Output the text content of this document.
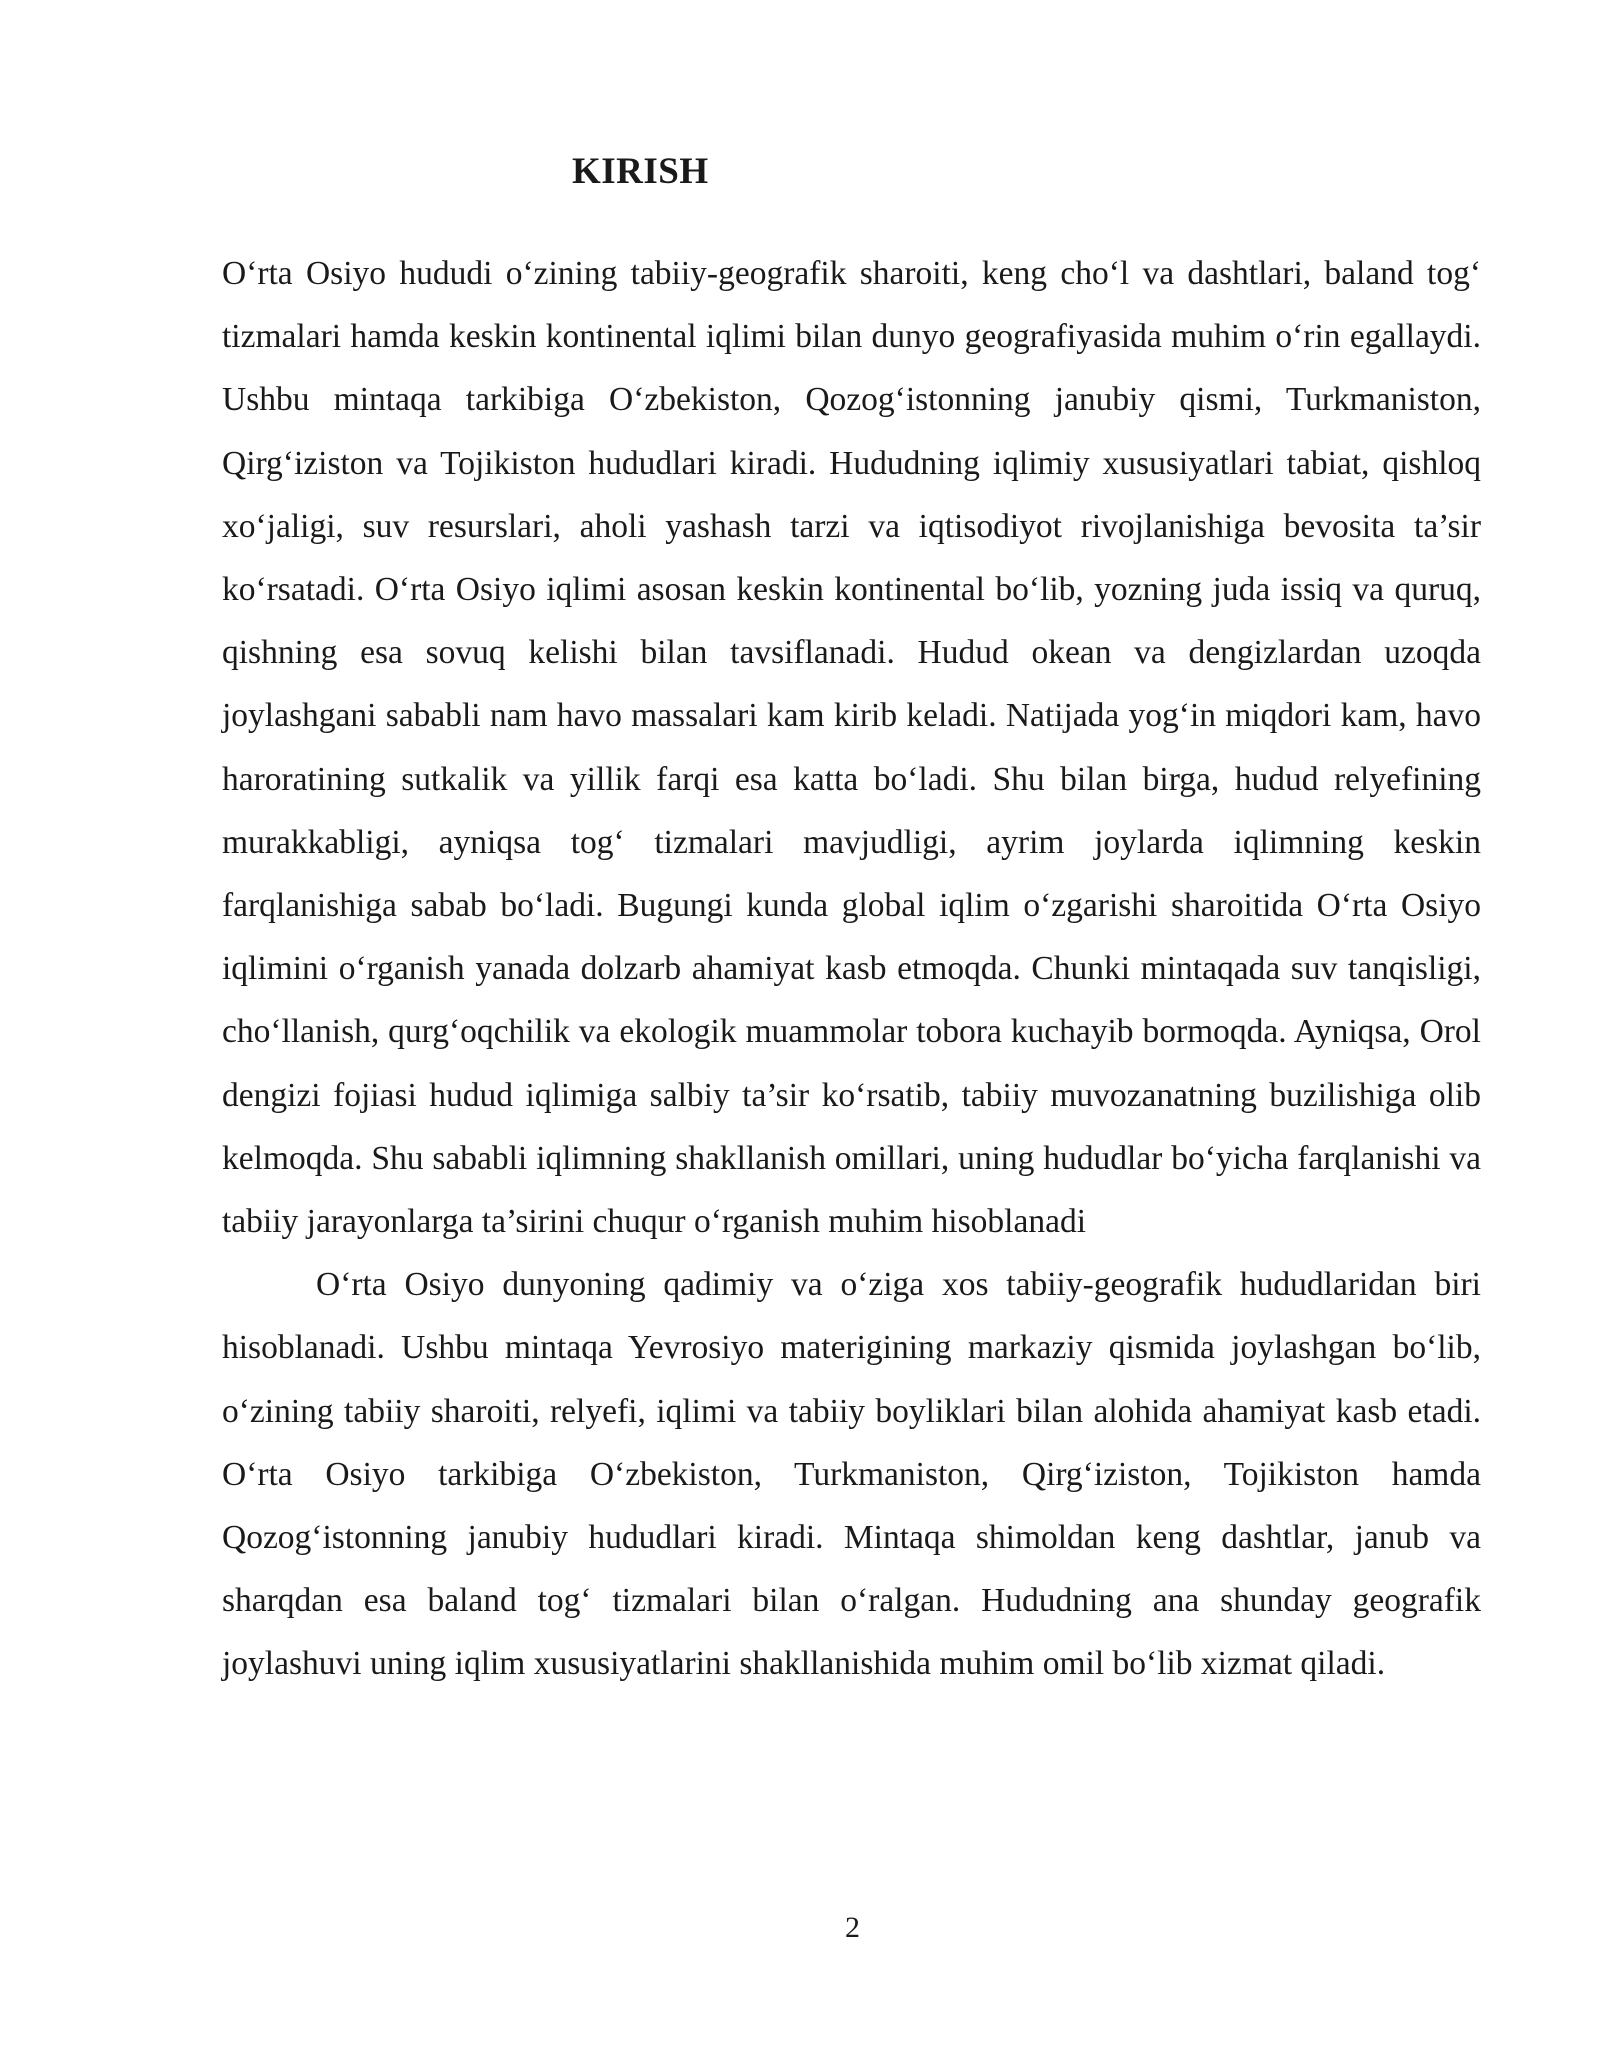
KIRISH

O‘rta Osiyo hududi o‘zining tabiiy-geografik sharoiti, keng cho‘l va dashtlari, baland tog‘ tizmalari hamda keskin kontinental iqlimi bilan dunyo geografiyasida muhim o‘rin egallaydi. Ushbu mintaqa tarkibiga O‘zbekiston, Qozog‘istonning janubiy qismi, Turkmaniston, Qirg‘iziston va Tojikiston hududlari kiradi. Hududning iqlimiy xususiyatlari tabiat, qishloq xo‘jaligi, suv resurslari, aholi yashash tarzi va iqtisodiyot rivojlanishiga bevosita ta’sir ko‘rsatadi. O‘rta Osiyo iqlimi asosan keskin kontinental bo‘lib, yozning juda issiq va quruq, qishning esa sovuq kelishi bilan tavsiflanadi. Hudud okean va dengizlardan uzoqda joylashgani sababli nam havo massalari kam kirib keladi. Natijada yog‘in miqdori kam, havo haroratining sutkalik va yillik farqi esa katta bo‘ladi. Shu bilan birga, hudud relyefining murakkabligi, ayniqsa tog‘ tizmalari mavjudligi, ayrim joylarda iqlimning keskin farqlanishiga sabab bo‘ladi. Bugungi kunda global iqlim o‘zgarishi sharoitida O‘rta Osiyo iqlimini o‘rganish yanada dolzarb ahamiyat kasb etmoqda. Chunki mintaqada suv tanqisligi, cho‘llanish, qurg‘oqchilik va ekologik muammolar tobora kuchayib bormoqda. Ayniqsa, Orol dengizi fojiasi hudud iqlimiga salbiy ta’sir ko‘rsatib, tabiiy muvozanatning buzilishiga olib kelmoqda. Shu sababli iqlimning shakllanish omillari, uning hududlar bo‘yicha farqlanishi va tabiiy jarayonlarga ta’sirini chuqur o‘rganish muhim hisoblanadi

O‘rta Osiyo dunyoning qadimiy va o‘ziga xos tabiiy-geografik hududlaridan biri hisoblanadi. Ushbu mintaqa Yevrosiyo materigining markaziy qismida joylashgan bo‘lib, o‘zining tabiiy sharoiti, relyefi, iqlimi va tabiiy boyliklari bilan alohida ahamiyat kasb etadi. O‘rta Osiyo tarkibiga O‘zbekiston, Turkmaniston, Qirg‘iziston, Tojikiston hamda Qozog‘istonning janubiy hududlari kiradi. Mintaqa shimoldan keng dashtlar, janub va sharqdan esa baland tog‘ tizmalari bilan o‘ralgan. Hududning ana shunday geografik joylashuvi uning iqlim xususiyatlarini shakllanishida muhim omil bo‘lib xizmat qiladi.

2
